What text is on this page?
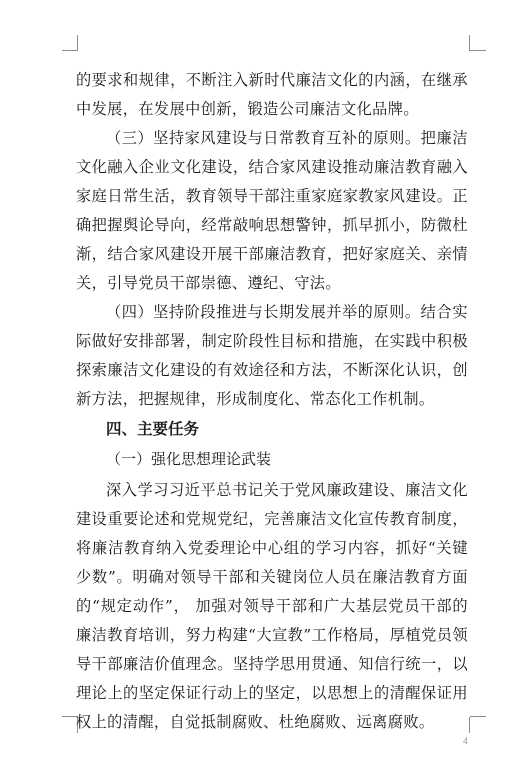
的要求和规律，不断注入新时代廉洁文化的内涵，在继承中发展，在发展中创新，锻造公司廉洁文化品牌。

（三）坚持家风建设与日常教育互补的原则。把廉洁文化融入企业文化建设，结合家风建设推动廉洁教育融入家庭日常生活，教育领导干部注重家庭家教家风建设。正确把握舆论导向，经常敲响思想警钟，抓早抓小，防微杜渐，结合家风建设开展干部廉洁教育，把好家庭关、亲情关，引导党员干部崇德、遵纪、守法。

（四）坚持阶段推进与长期发展并举的原则。结合实际做好安排部署，制定阶段性目标和措施，在实践中积极探索廉洁文化建设的有效途径和方法，不断深化认识，创新方法，把握规律，形成制度化、常态化工作机制。

四、主要任务

（一）强化思想理论武装

深入学习习近平总书记关于党风廉政建设、廉洁文化建设重要论述和党规党纪，完善廉洁文化宣传教育制度，将廉洁教育纳入党委理论中心组的学习内容，抓好“关键少数”。明确对领导干部和关键岗位人员在廉洁教育方面的“规定动作”， 加强对领导干部和广大基层党员干部的廉洁教育培训，努力构建“大宣教”工作格局，厚植党员领导干部廉洁价值理念。坚持学思用贯通、知信行统一，以理论上的坚定保证行动上的坚定，以思想上的清醒保证用权上的清醒，自觉抵制腐败、杜绝腐败、远离腐败。

4
